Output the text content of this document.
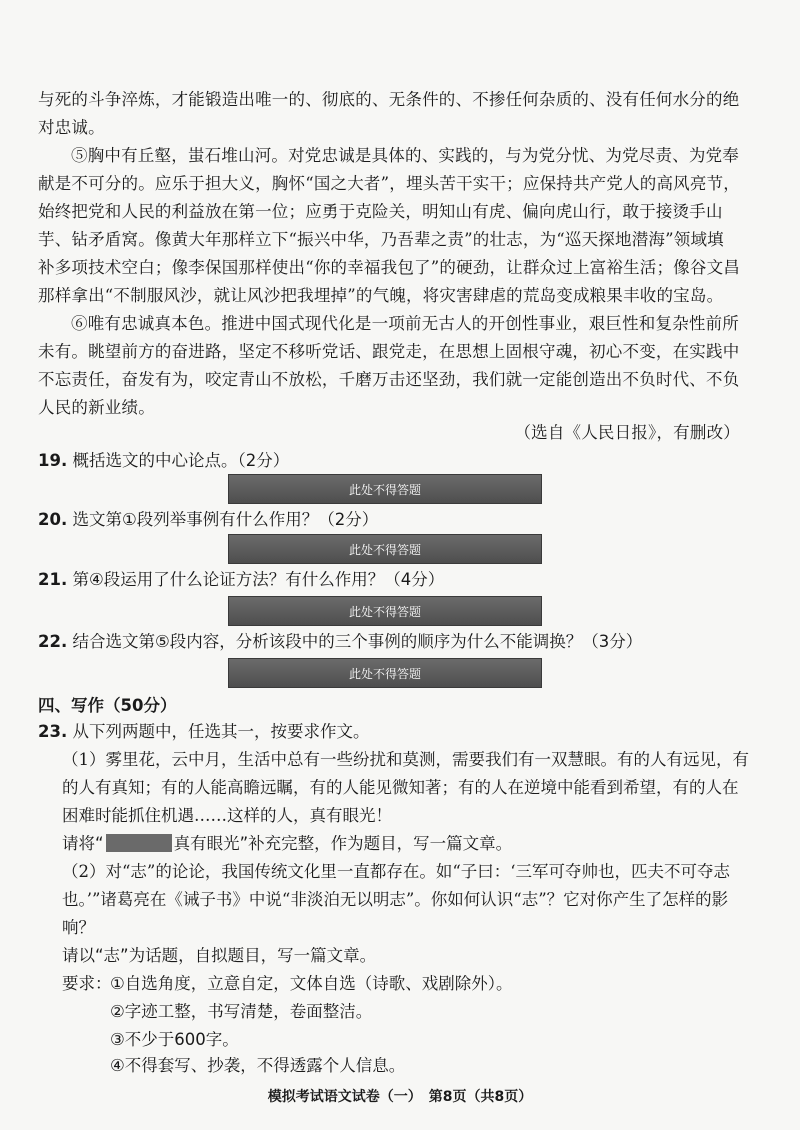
与死的斗争淬炼，才能锻造出唯一的、彻底的、无条件的、不掺任何杂质的、没有任何水分的绝对忠诚。
⑤胸中有丘壑，蚩石堆山河。对党忠诚是具体的、实践的，与为党分忧、为党尽责、为党奉献是不可分的。应乐于担大义，胸怀“国之大者”，埋头苦干实干；应保持共产党人的高风亮节，始终把党和人民的利益放在第一位；应勇于克险关，明知山有虎、偏向虎山行，敢于接烫手山芋、钻矛盾窝。像黄大年那样立下“振兴中华，乃吾辈之责”的壮志，为“巡天探地潜海”领域填补多项技术空白；像李保国那样使出“你的幸福我包了”的硬劲，让群众过上富裕生活；像谷文昌那样拿出“不制服风沙，就让风沙把我埋掉”的气魄，将灾害肆虐的荒岛变成粮果丰收的宝岛。
⑥唯有忠诚真本色。推进中国式现代化是一项前无古人的开创性事业，艰巨性和复杂性前所未有。眺望前方的奋进路，坚定不移听党话、跟党走，在思想上固根守魂，初心不变，在实践中不忘责任，奋发有为，咬定青山不放松，千磨万击还坚劲，我们就一定能创造出不负时代、不负人民的新业绩。
（选自《人民日报》，有删改）
19. 概括选文的中心论点。（2分）
此处不得答题
20. 选文第①段列举事例有什么作用？（2分）
此处不得答题
21. 第④段运用了什么论证方法？有什么作用？（4分）
此处不得答题
22. 结合选文第⑤段内容，分析该段中的三个事例的顺序为什么不能调换？（3分）
此处不得答题
四、写作（50分）
23. 从下列两题中，任选其一，按要求作文。
（1）雾里花，云中月，生活中总有一些纷扰和莫测，需要我们有一双慧眼。有的人有远见，有的人有真知；有的人能高瞻远瞩，有的人能见微知著；有的人在逆境中能看到希望，有的人在困难时能抓住机遇……这样的人，真有眼光！
请将“	真有眼光”补充完整，作为题目，写一篇文章。
（2）对“志”的论论，我国传统文化里一直都存在。如“子曰：‘三军可夺帅也，匹夫不可夺志也。’”诸葛亮在《诫子书》中说“非淡泊无以明志”。你如何认识“志”？它对你产生了怎样的影响？
请以“志”为话题，自拟题目，写一篇文章。
要求：
①自选角度，立意自定，文体自选（诗歌、戏剧除外）。
②字迹工整，书写清楚，卷面整洁。
③不少于600字。
④不得套写、抄袭，不得透露个人信息。
模拟考试语文试卷（一）　第8页（共8页）
